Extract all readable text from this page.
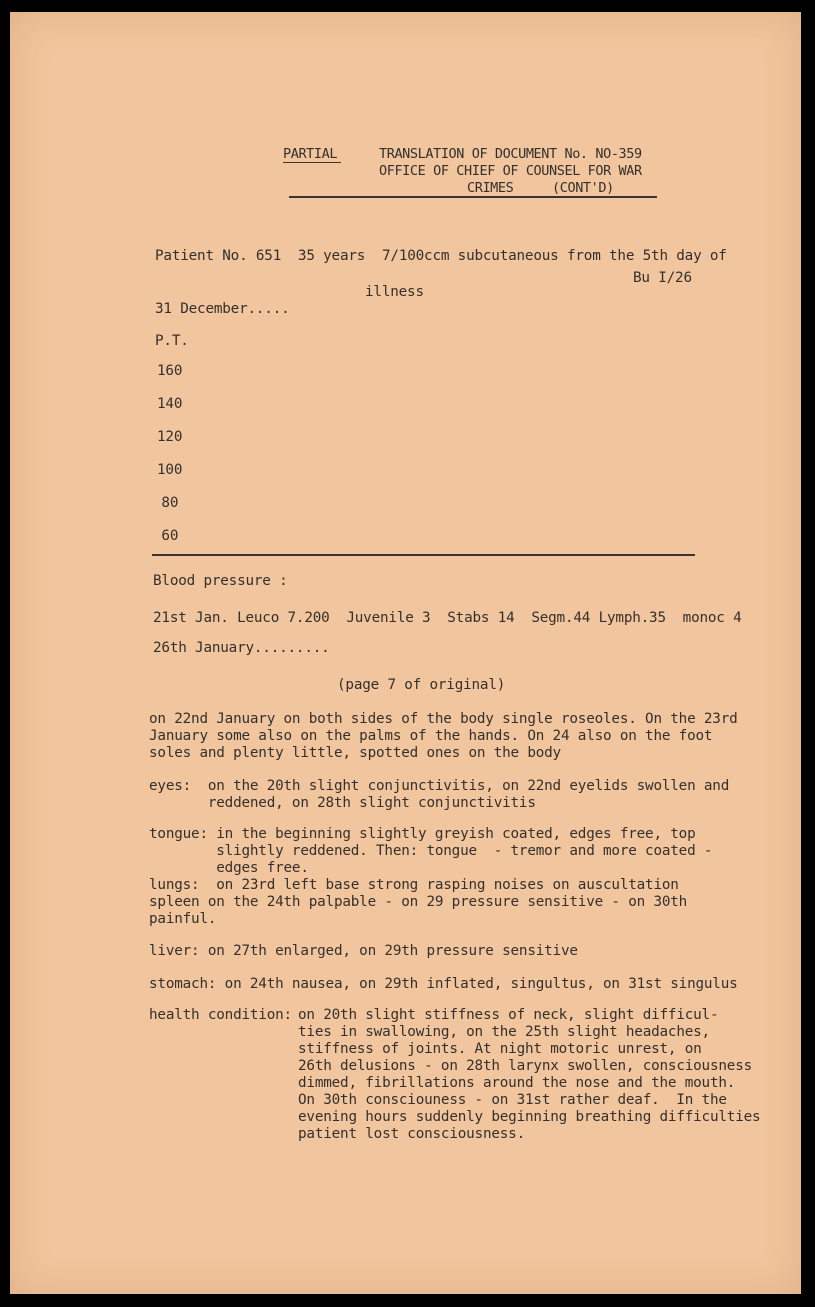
PARTIAL	TRANSLATION OF DOCUMENT No. NO-359
OFFICE OF CHIEF OF COUNSEL FOR WAR
CRIMES     (CONT'D)
Patient No. 651  35 years  7/100ccm subcutaneous from the 5th day of
Bu I/26
illness
31 December.....
P.T.
160
140
120
100
80
60
Blood pressure :
21st Jan. Leuco 7.200  Juvenile 3  Stabs 14  Segm.44 Lymph.35  monoc 4
26th January.........
(page 7 of original)
on 22nd January on both sides of the body single roseoles. On the 23rd
January some also on the palms of the hands. On 24 also on the foot
soles and plenty little, spotted ones on the body
eyes:  on the 20th slight conjunctivitis, on 22nd eyelids swollen and
reddened, on 28th slight conjunctivitis
tongue: in the beginning slightly greyish coated, edges free, top
slightly reddened. Then: tongue  - tremor and more coated -
edges free.
lungs:  on 23rd left base strong rasping noises on auscultation
spleen on the 24th palpable - on 29 pressure sensitive - on 30th
painful.
liver: on 27th enlarged, on 29th pressure sensitive
stomach: on 24th nausea, on 29th inflated, singultus, on 31st singulus
health condition: on 20th slight stiffness of neck, slight difficul-
ties in swallowing, on the 25th slight headaches,
stiffness of joints. At night motoric unrest, on
26th delusions - on 28th larynx swollen, consciousness
dimmed, fibrillations around the nose and the mouth.
On 30th consciouness - on 31st rather deaf.  In the
evening hours suddenly beginning breathing difficulties
patient lost consciousness.
